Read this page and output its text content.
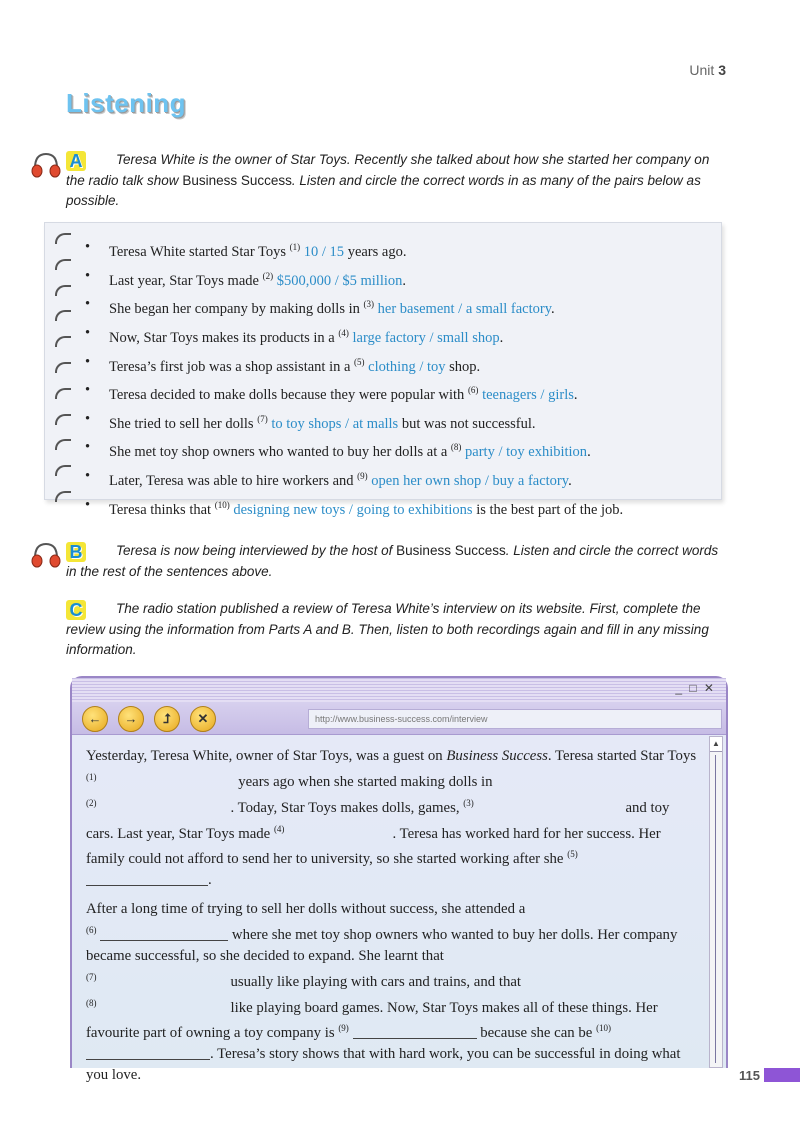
Unit 3
Listening
A Teresa White is the owner of Star Toys. Recently she talked about how she started her company on the radio talk show Business Success. Listen and circle the correct words in as many of the pairs below as possible.
• Teresa White started Star Toys $^{(1)}$ 10 / 15 years ago.
• Last year, Star Toys made $^{(2)}$ $500,000 / $5 million.
• She began her company by making dolls in $^{(3)}$ her basement / a small factory.
• Now, Star Toys makes its products in a $^{(4)}$ large factory / small shop.
• Teresa’s first job was a shop assistant in a $^{(5)}$ clothing / toy shop.
• Teresa decided to make dolls because they were popular with $^{(6)}$ teenagers / girls.
• She tried to sell her dolls $^{(7)}$ to toy shops / at malls but was not successful.
• She met toy shop owners who wanted to buy her dolls at a $^{(8)}$ party / toy exhibition.
• Later, Teresa was able to hire workers and $^{(9)}$ open her own shop / buy a factory.
• Teresa thinks that $^{(10)}$ designing new toys / going to exhibitions is the best part of the job.
B Teresa is now being interviewed by the host of Business Success. Listen and circle the correct words in the rest of the sentences above.
C The radio station published a review of Teresa White’s interview on its website. First, complete the review using the information from Parts A and B. Then, listen to both recordings again and fill in any missing information.
_ □ ✕
←	→	⮥	✕	http://www.business-success.com/interview

Yesterday, Teresa White, owner of Star Toys, was a guest on Business Success. Teresa started Star Toys $^{(1)}$	years ago when she started making dolls in
$^{(2)}$	. Today, Star Toys makes dolls, games, $^{(3)}$	and toy cars. Last year, Star Toys made $^{(4)}$	. Teresa has worked hard for her success. Her family could not afford to send her to university, so she started working after she $^{(5)}$ .

After a long time of trying to sell her dolls without success, she attended a
$^{(6)}$	where she met toy shop owners who wanted to buy her dolls. Her company became successful, so she decided to expand. She learnt that
$^{(7)}$	usually like playing with cars and trains, and that
$^{(8)}$	like playing board games. Now, Star Toys makes all of these things. Her favourite part of owning a toy company is $^{(9)}$	because she can be $^{(10)}$ . Teresa’s story shows that with hard work, you can be successful in doing what you love.

▲
115
